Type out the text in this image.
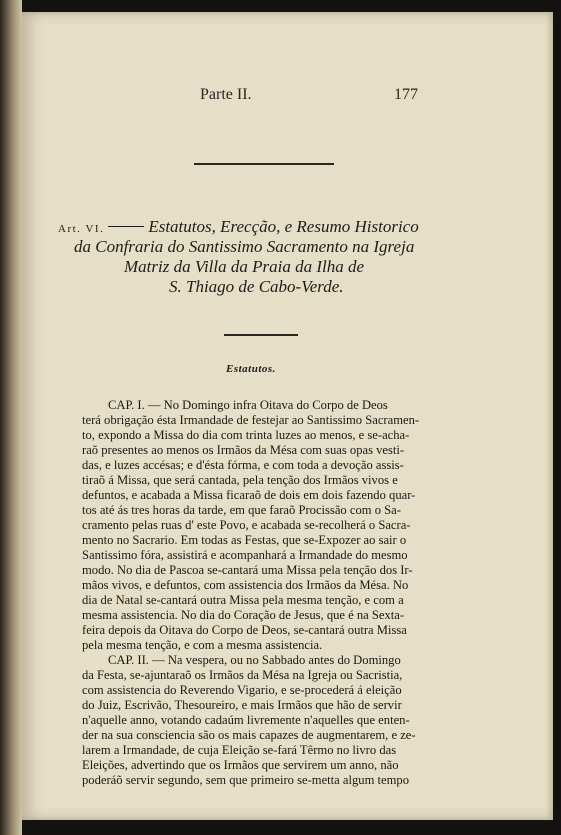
Parte II.	177
Art. VI.	Estatutos, Erecção, e Resumo Historico
da Confraria do Santissimo Sacramento na Igreja
Matriz da Villa da Praia da Ilha de
S. Thiago de Cabo-Verde.
Estatutos.
CAP. I. — No Domingo infra Oitava do Corpo de Deos
terá obrigação ésta Irmandade de festejar ao Santissimo Sacramen-
to, expondo a Missa do dia com trinta luzes ao menos, e se-acha-
raõ presentes ao menos os Irmãos da Mésa com suas opas vesti-
das, e luzes accésas; e d'ésta fórma, e com toda a devoção assis-
tiraõ á Missa, que será cantada, pela tenção dos Irmãos vivos e
defuntos, e acabada a Missa ficaraõ de dois em dois fazendo quar-
tos até ás tres horas da tarde, em que faraõ Procissão com o Sa-
cramento pelas ruas d' este Povo, e acabada se-recolherá o Sacra-
mento no Sacrario. Em todas as Festas, que se-Expozer ao sair o
Santissimo fóra, assistirá e acompanhará a Irmandade do mesmo
modo. No dia de Pascoa se-cantará uma Missa pela tenção dos Ir-
mãos vivos, e defuntos, com assistencia dos Irmãos da Mésa. No
dia de Natal se-cantará outra Missa pela mesma tenção, e com a
mesma assistencia. No dia do Coração de Jesus, que é na Sexta-
feira depois da Oitava do Corpo de Deos, se-cantará outra Missa
pela mesma tenção, e com a mesma assistencia.
CAP. II. — Na vespera, ou no Sabbado antes do Domingo
da Festa, se-ajuntaraõ os Irmãos da Mésa na Igreja ou Sacristia,
com assistencia do Reverendo Vigario, e se-procederá á eleição
do Juiz, Escrivão, Thesoureiro, e mais Irmãos que hão de servir
n'aquelle anno, votando cadaúm livremente n'aquelles que enten-
der na sua consciencia são os mais capazes de augmentarem, e ze-
larem a Irmandade, de cuja Eleição se-fará Têrmo no livro das
Eleições, advertindo que os Irmãos que servirem um anno, não
poderáõ servir segundo, sem que primeiro se-metta algum tempo
